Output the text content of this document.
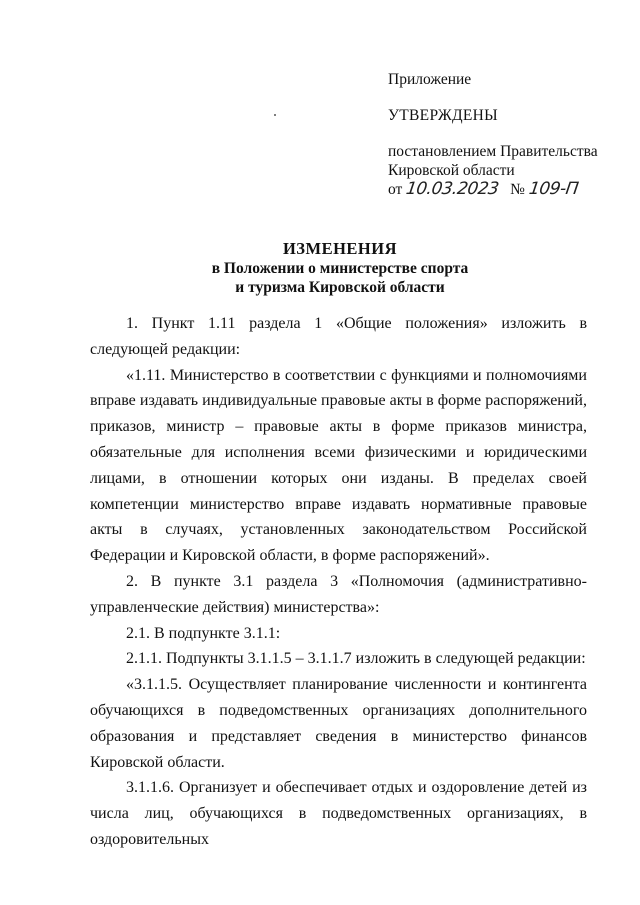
Приложение
УТВЕРЖДЕНЫ
постановлением Правительства
Кировской области
от 10.03.2023 № 109-П
ИЗМЕНЕНИЯ
в Положении о министерстве спорта
и туризма Кировской области

1. Пункт 1.11 раздела 1 «Общие положения» изложить в следующей редакции:

«1.11. Министерство в соответствии с функциями и полномочиями вправе издавать индивидуальные правовые акты в форме распоряжений, приказов, министр – правовые акты в форме приказов министра, обязательные для исполнения всеми физическими и юридическими лицами, в отношении которых они изданы. В пределах своей компетенции министерство вправе издавать нормативные правовые акты в случаях, установленных законодательством Российской Федерации и Кировской области, в форме распоряжений».

2. В пункте 3.1 раздела 3 «Полномочия (административно-управленческие действия) министерства»:

2.1. В подпункте 3.1.1:

2.1.1. Подпункты 3.1.1.5 – 3.1.1.7 изложить в следующей редакции:

«3.1.1.5. Осуществляет планирование численности и контингента обучающихся в подведомственных организациях дополнительного образования и представляет сведения в министерство финансов Кировской области.

3.1.1.6. Организует и обеспечивает отдых и оздоровление детей из числа лиц, обучающихся в подведомственных организациях, в оздоровительных
